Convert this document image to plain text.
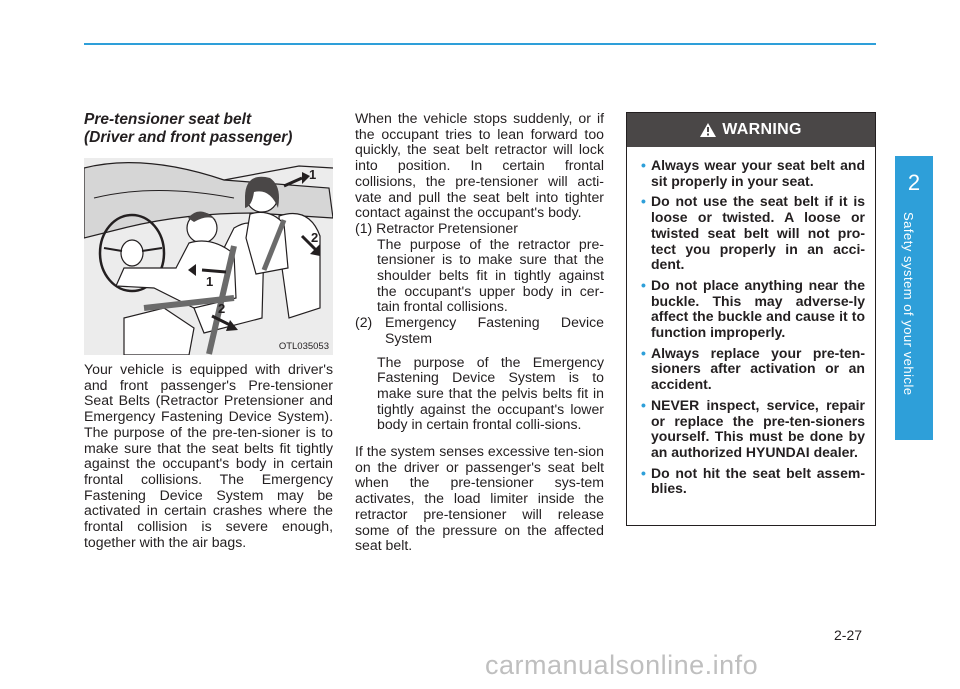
Pre-tensioner seat belt
(Driver and front passenger)
1
2
1
2
OTL035053

Your vehicle is equipped with driver's and front passenger's Pre-tensioner Seat Belts (Retractor Pretensioner and Emergency Fastening Device System). The purpose of the pre-ten-sioner is to make sure that the seat belts fit tightly against the occupant's body in certain frontal collisions. The Emergency Fastening Device System may be activated in certain crashes where the frontal collision is severe enough, together with the air bags.

When the vehicle stops suddenly, or if the occupant tries to lean forward too quickly, the seat belt retractor will lock into position. In certain frontal collisions, the pre-tensioner will acti-vate and pull the seat belt into tighter contact against the occupant's body.

(1) Retractor Pretensioner

The purpose of the retractor pre-tensioner is to make sure that the shoulder belts fit in tightly against the occupant's upper body in cer-tain frontal collisions.

(2) Emergency Fastening Device

System

The purpose of the Emergency Fastening Device System is to make sure that the pelvis belts fit in tightly against the occupant's lower body in certain frontal colli-sions.

If the system senses excessive ten-sion on the driver or passenger's seat belt when the pre-tensioner sys-tem activates, the load limiter inside the retractor pre-tensioner will release some of the pressure on the affected seat belt.

WARNING
• Always wear your seat belt and sit properly in your seat.
• Do not use the seat belt if it is loose or twisted. A loose or twisted seat belt will not pro-tect you properly in an acci-dent.
• Do not place anything near the buckle. This may adverse-ly affect the buckle and cause it to function improperly.
• Always replace your pre-ten-sioners after activation or an accident.
• NEVER inspect, service, repair or replace the pre-ten-sioners yourself. This must be done by an authorized HYUNDAI dealer.
• Do not hit the seat belt assem-blies.
2
Safety system of your vehicle
2-27
carmanualsonline.info
